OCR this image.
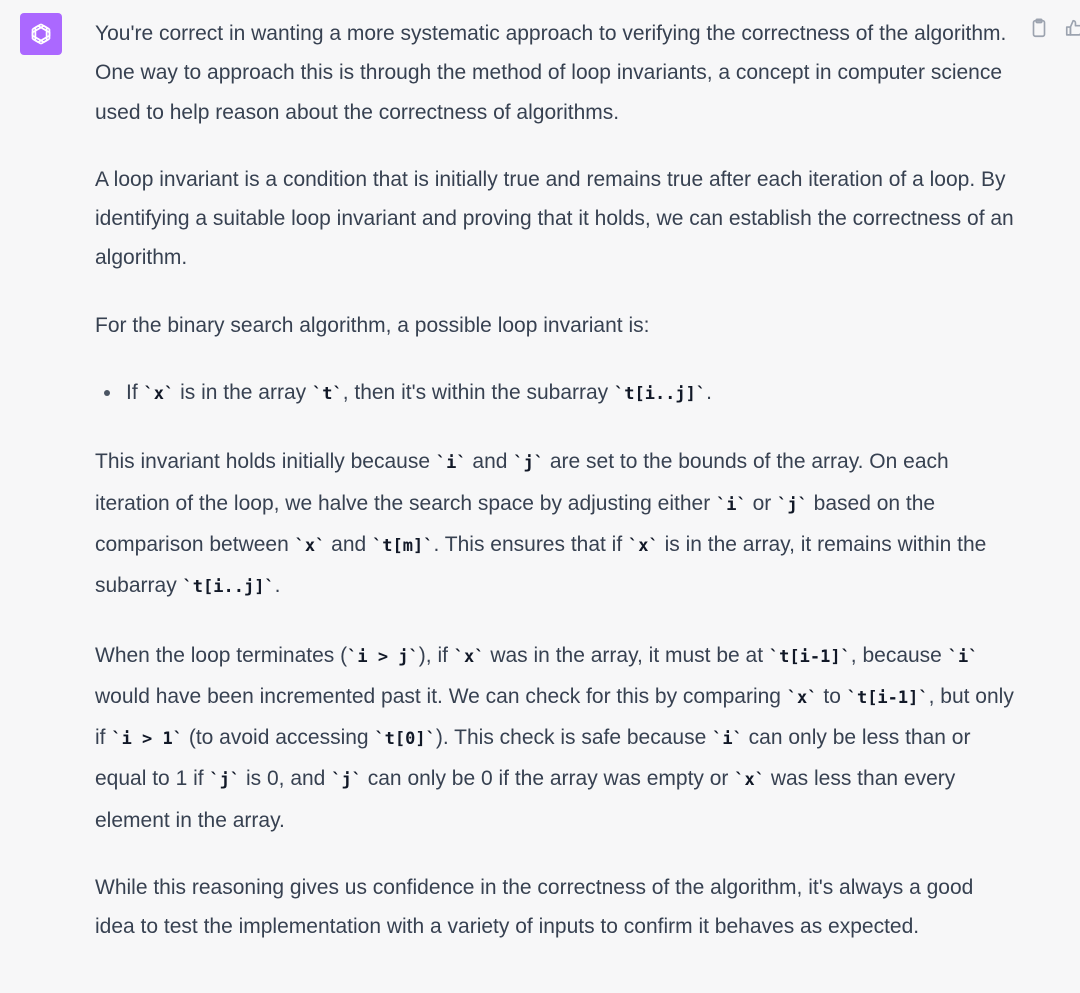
You're correct in wanting a more systematic approach to verifying the correctness of the algorithm. One way to approach this is through the method of loop invariants, a concept in computer science used to help reason about the correctness of algorithms.

A loop invariant is a condition that is initially true and remains true after each iteration of a loop. By identifying a suitable loop invariant and proving that it holds, we can establish the correctness of an algorithm.

For the binary search algorithm, a possible loop invariant is:

If `x` is in the array `t`, then it's within the subarray `t[i..j]`.

This invariant holds initially because `i` and `j` are set to the bounds of the array. On each iteration of the loop, we halve the search space by adjusting either `i` or `j` based on the comparison between `x` and `t[m]`. This ensures that if `x` is in the array, it remains within the subarray `t[i..j]`.

When the loop terminates (`i > j`), if `x` was in the array, it must be at `t[i-1]`, because `i` would have been incremented past it. We can check for this by comparing `x` to `t[i-1]`, but only if `i > 1` (to avoid accessing `t[0]`). This check is safe because `i` can only be less than or equal to 1 if `j` is 0, and `j` can only be 0 if the array was empty or `x` was less than every element in the array.

While this reasoning gives us confidence in the correctness of the algorithm, it's always a good idea to test the implementation with a variety of inputs to confirm it behaves as expected.
